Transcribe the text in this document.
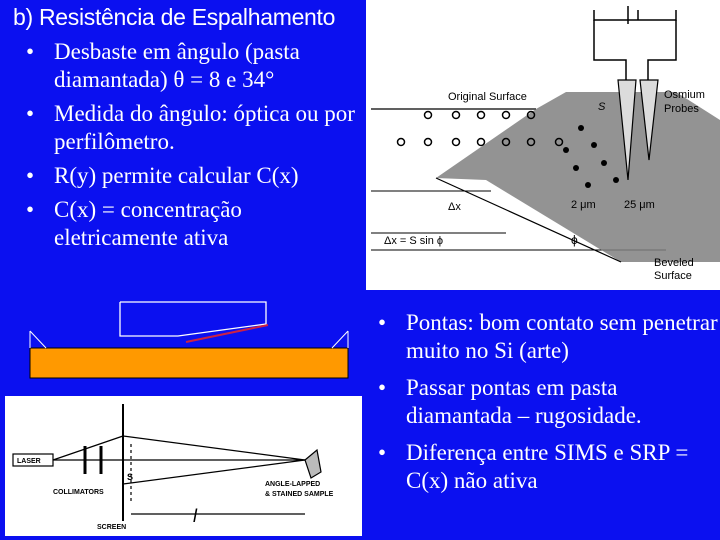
b) Resistência de Espalhamento
• Desbaste em ângulo (pasta diamantada) θ = 8 e 34°
• Medida do ângulo: óptica ou por perfilômetro.
• R(y) permite calcular C(x)
• C(x) = concentração eletricamente ativa
Original Surface	Osmium
Probes
S
Δx	2 μm	25 μm
Δx = S sin ϕ	ϕ
Beveled
Surface
• Pontas: bom contato sem penetrar muito no Si (arte)
• Passar pontas em pasta diamantada – rugosidade.
• Diferença entre SIMS e SRP = C(x) não ativa
LASER
COLLIMATORS
SCREEN
S
l
ANGLE-LAPPED
& STAINED SAMPLE
